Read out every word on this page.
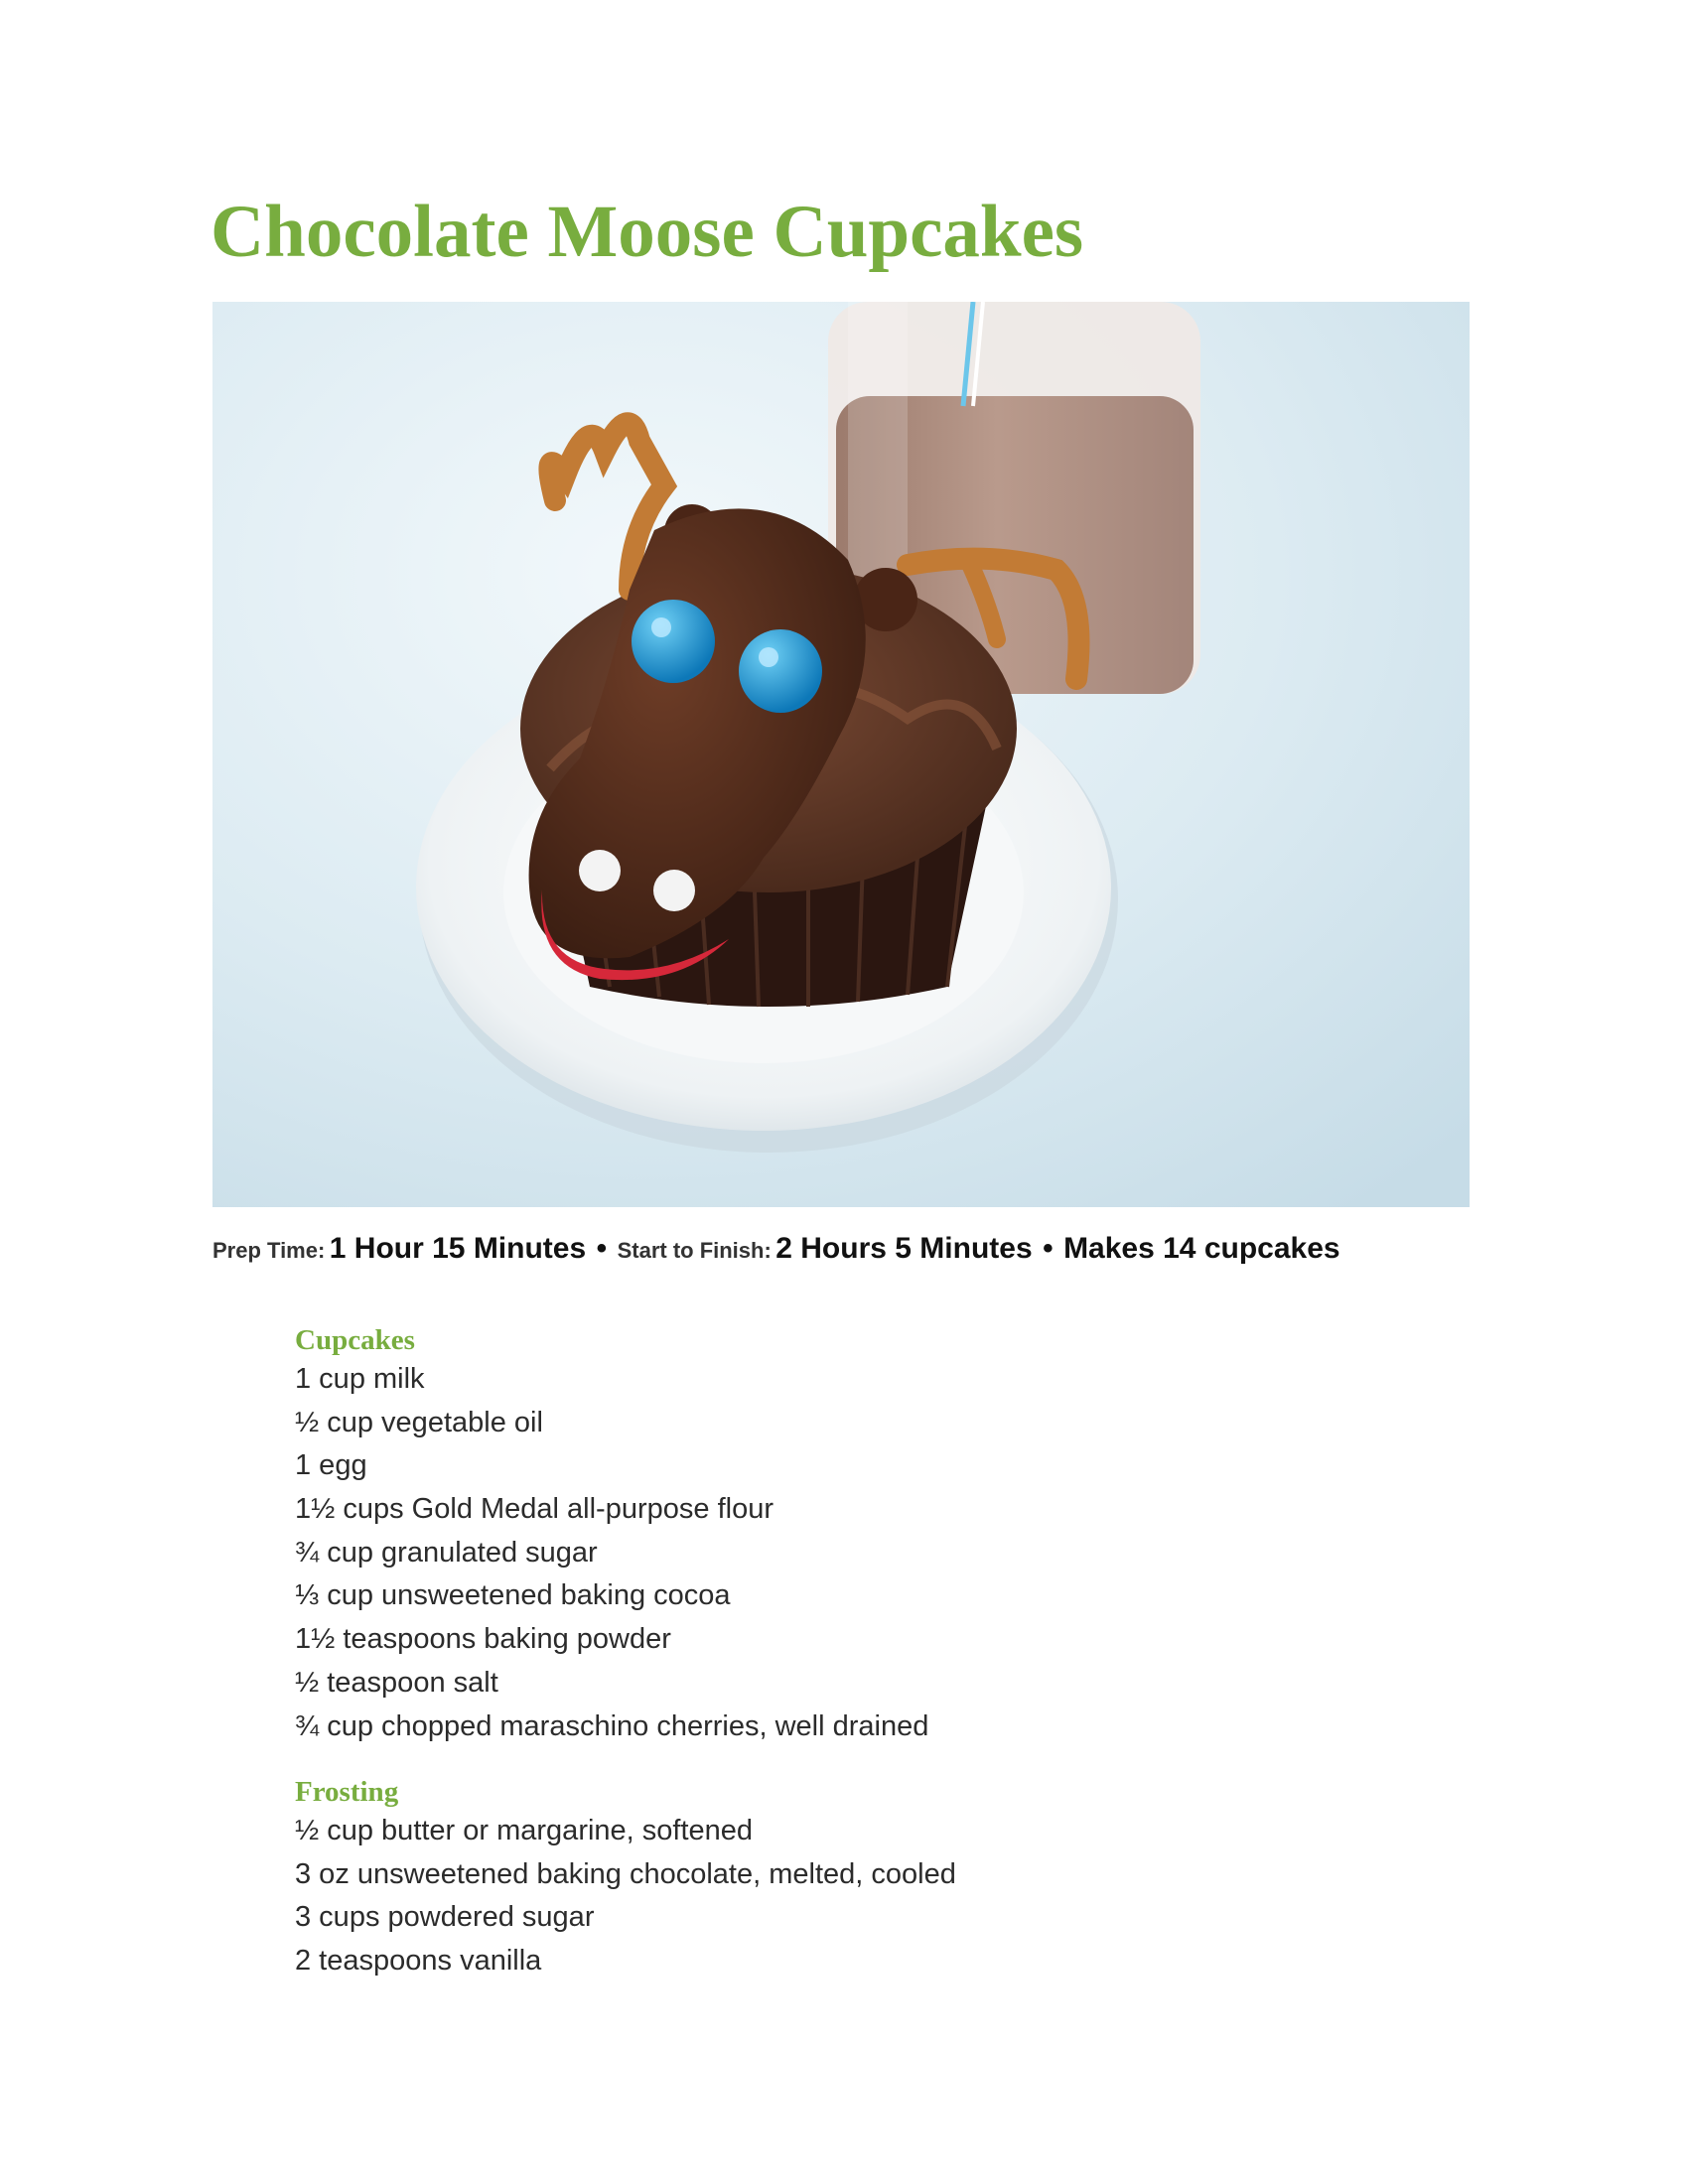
Chocolate Moose Cupcakes
Prep Time: 1 Hour 15 Minutes • Start to Finish: 2 Hours 5 Minutes • Makes 14 cupcakes
Cupcakes
1 cup milk
½ cup vegetable oil
1 egg
1½ cups Gold Medal all-purpose flour
¾ cup granulated sugar
⅓ cup unsweetened baking cocoa
1½ teaspoons baking powder
½ teaspoon salt
¾ cup chopped maraschino cherries, well drained
Frosting
½ cup butter or margarine, softened
3 oz unsweetened baking chocolate, melted, cooled
3 cups powdered sugar
2 teaspoons vanilla
